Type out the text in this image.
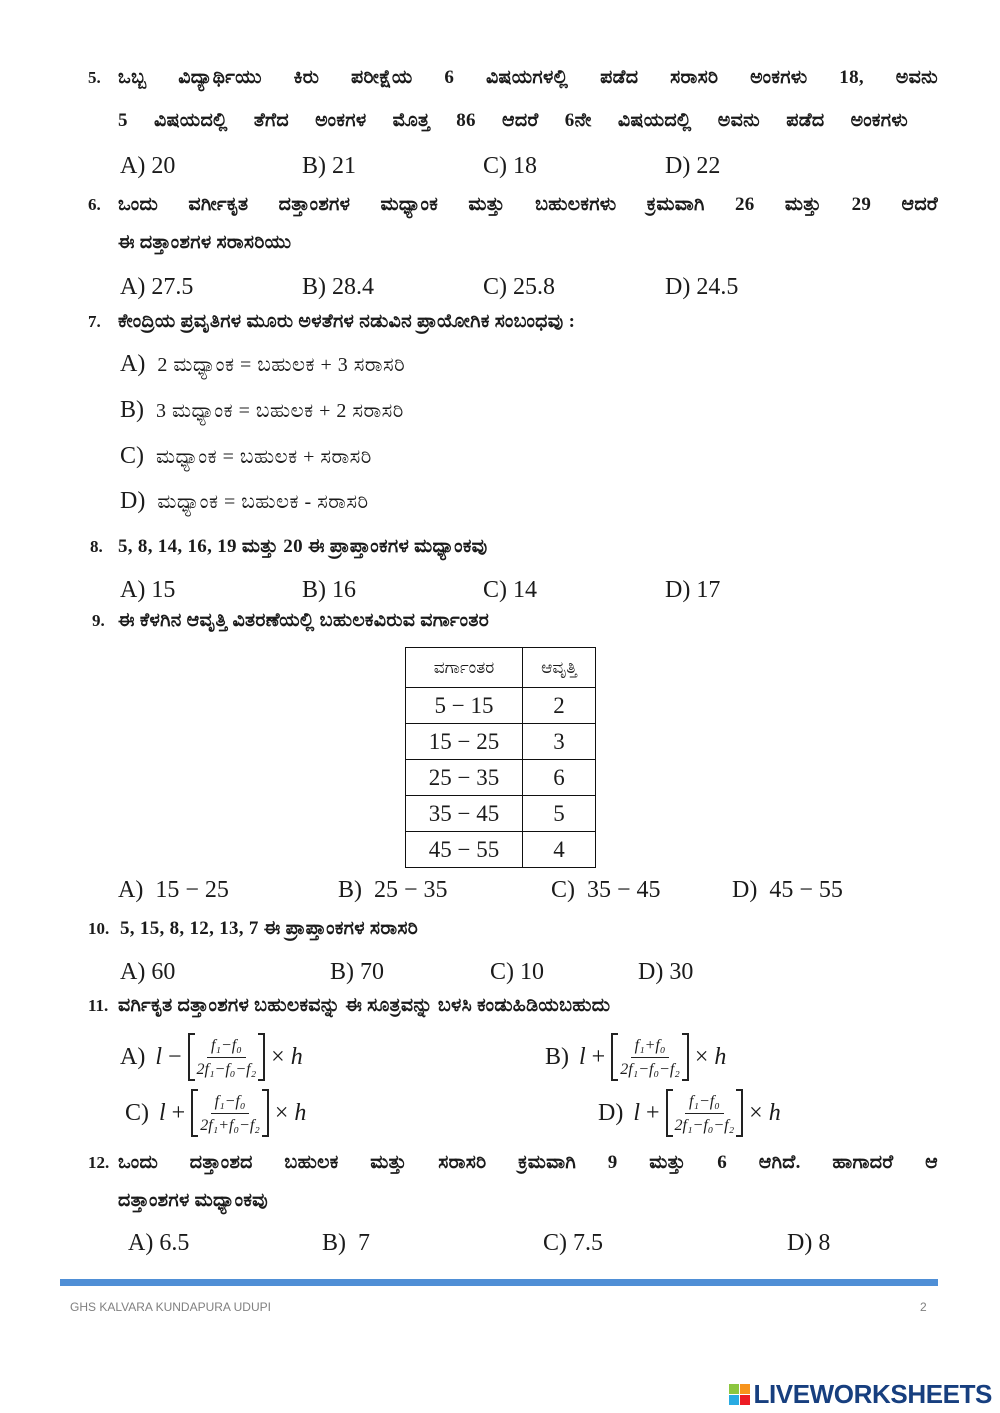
5. ಒಬ್ಬ ವಿದ್ಯಾರ್ಥಿಯು ಕಿರು ಪರೀಕ್ಷೆಯ 6 ವಿಷಯಗಳಲ್ಲಿ ಪಡೆದ ಸರಾಸರಿ ಅಂಕಗಳು 18, ಅವನು
5 ವಿಷಯದಲ್ಲಿ ತೆಗೆದ ಅಂಕಗಳ ಮೊತ್ತ 86 ಆದರೆ 6ನೇ ವಿಷಯದಲ್ಲಿ ಅವನು ಪಡೆದ ಅಂಕಗಳು
A) 20	B) 21	C) 18	D) 22
6. ಒಂದು ವರ್ಗೀಕೃತ ದತ್ತಾಂಶಗಳ ಮಧ್ಯಾಂಕ ಮತ್ತು ಬಹುಲಕಗಳು ಕ್ರಮವಾಗಿ 26 ಮತ್ತು 29 ಆದರೆ
ಈ ದತ್ತಾಂಶಗಳ ಸರಾಸರಿಯು
A) 27.5	B) 28.4	C) 25.8	D) 24.5
7. ಕೇಂದ್ರಿಯ ಪ್ರವೃತಿಗಳ ಮೂರು ಅಳತೆಗಳ ನಡುವಿನ ಪ್ರಾಯೋಗಿಕ ಸಂಬಂಧವು :
A) 2 ಮಧ್ಯಾಂಕ = ಬಹುಲಕ + 3 ಸರಾಸರಿ
B) 3 ಮಧ್ಯಾಂಕ = ಬಹುಲಕ + 2 ಸರಾಸರಿ
C) ಮಧ್ಯಾಂಕ = ಬಹುಲಕ + ಸರಾಸರಿ
D) ಮಧ್ಯಾಂಕ = ಬಹುಲಕ - ಸರಾಸರಿ
8. 5, 8, 14, 16, 19 ಮತ್ತು 20 ಈ ಪ್ರಾಪ್ತಾಂಕಗಳ ಮಧ್ಯಾಂಕವು
A) 15	B) 16	C) 14	D) 17
9. ಈ ಕೆಳಗಿನ ಆವೃತ್ತಿ ವಿತರಣೆಯಲ್ಲಿ ಬಹುಲಕವಿರುವ ವರ್ಗಾಂತರ
ವರ್ಗಾಂತರ	ಆವೃತ್ತಿ
5 − 15	2
15 − 25	3
25 − 35	6
35 − 45	5
45 − 55	4
A) 15 − 25	B) 25 − 35	C) 35 − 45	D) 45 − 55
10. 5, 15, 8, 12, 13, 7 ಈ ಪ್ರಾಪ್ತಾಂಕಗಳ ಸರಾಸರಿ
A) 60	B) 70	C) 10	D) 30
11. ವರ್ಗಿಕೃತ ದತ್ತಾಂಶಗಳ ಬಹುಲಕವನ್ನು ಈ ಸೂತ್ರವನ್ನು ಬಳಸಿ ಕಂಡುಹಿಡಿಯಬಹುದು
A) $l - \frac{\text{f₁−f₀}}{\text{2f₁−f₀−f₂}} \times h$	B) $l + \frac{\text{f₁+f₀}}{\text{2f₁−f₀−f₂}} \times h$
C) $l + \frac{\text{f₁−f₀}}{\text{2f₁+f₀−f₂}} \times h$	D) $l + \frac{\text{f₁−f₀}}{\text{2f₁−f₀−f₂}} \times h$
12. ಒಂದು ದತ್ತಾಂಶದ ಬಹುಲಕ ಮತ್ತು ಸರಾಸರಿ ಕ್ರಮವಾಗಿ 9 ಮತ್ತು 6 ಆಗಿದೆ. ಹಾಗಾದರೆ ಆ
ದತ್ತಾಂಶಗಳ ಮಧ್ಯಾಂಕವು
A) 6.5	B) 7	C) 7.5	D) 8
GHS KALVARA KUNDAPURA UDUPI	2
LIVEWORKSHEETS
